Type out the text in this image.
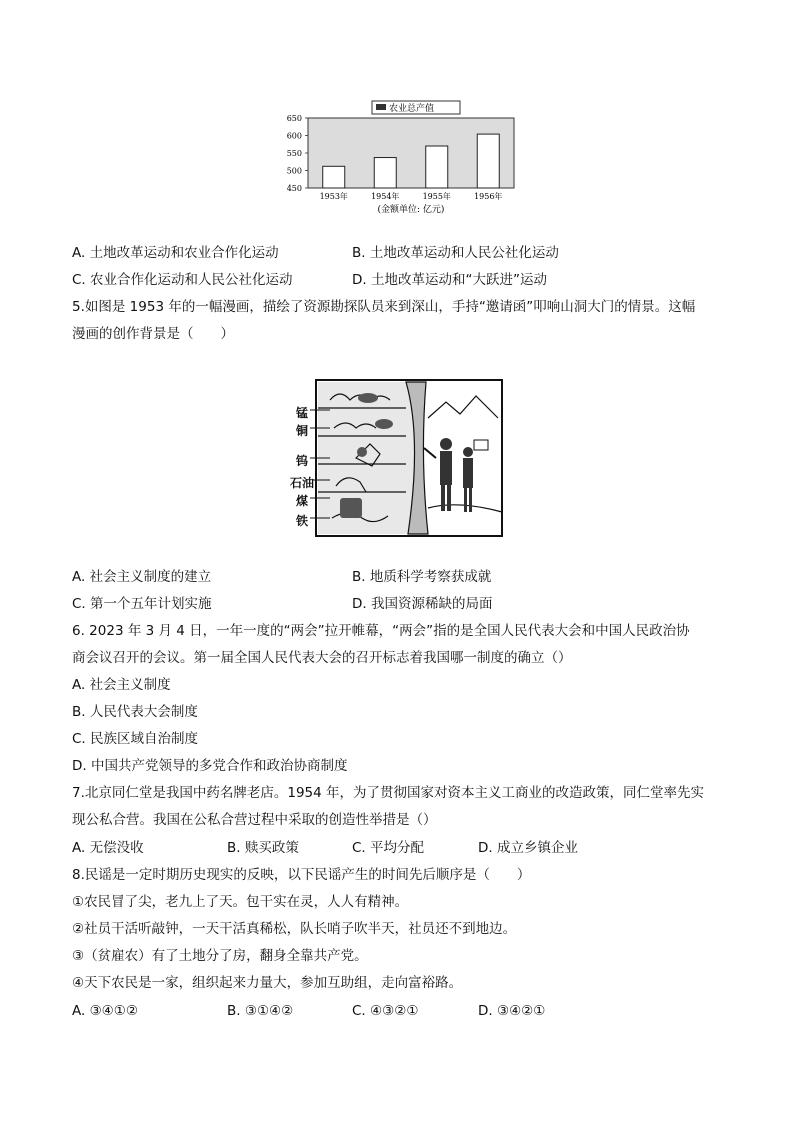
农业总产值
450
500
550
600
650
1953年	1954年	1955年	1956年
(金额单位: 亿元)
A. 土地改革运动和农业合作化运动	B. 土地改革运动和人民公社化运动
C. 农业合作化运动和人民公社化运动	D. 土地改革运动和“大跃进”运动
5.如图是 1953 年的一幅漫画，描绘了资源勘探队员来到深山，手持“邀请函”叩响山洞大门的情景。这幅
漫画的创作背景是（　　）
锰
铜
钨
石油
煤
铁
A. 社会主义制度的建立	B. 地质科学考察获成就
C. 第一个五年计划实施	D. 我国资源稀缺的局面
6. 2023 年 3 月 4 日，一年一度的“两会”拉开帷幕，“两会”指的是全国人民代表大会和中国人民政治协
商会议召开的会议。第一届全国人民代表大会的召开标志着我国哪一制度的确立（）
A. 社会主义制度
B. 人民代表大会制度
C. 民族区域自治制度
D. 中国共产党领导的多党合作和政治协商制度
7.北京同仁堂是我国中药名牌老店。1954 年，为了贯彻国家对资本主义工商业的改造政策，同仁堂率先实
现公私合营。我国在公私合营过程中采取的创造性举措是（）
A. 无偿没收	B. 赎买政策	C. 平均分配	D. 成立乡镇企业
8.民谣是一定时期历史现实的反映，以下民谣产生的时间先后顺序是（　　）
①农民冒了尖，老九上了天。包干实在灵，人人有精神。
②社员干活听敲钟，一天干活真稀松，队长哨子吹半天，社员还不到地边。
③（贫雇农）有了土地分了房，翻身全靠共产党。
④天下农民是一家，组织起来力量大，参加互助组，走向富裕路。
A. ③④①②	B. ③①④②	C. ④③②①	D. ③④②①
